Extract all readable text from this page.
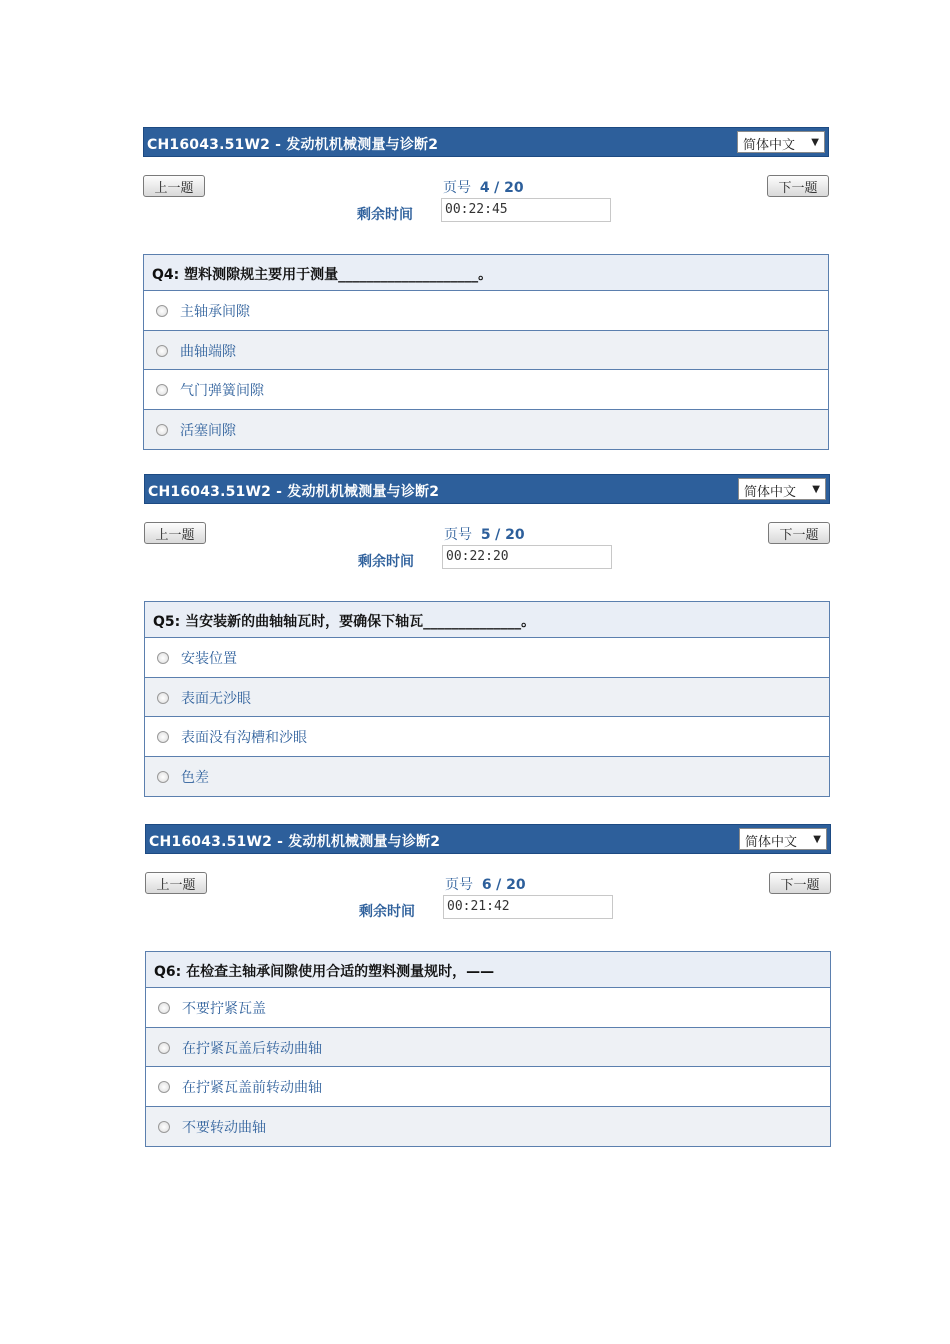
CH16043.51W2 - 发动机机械测量与诊断2	简体中文 ▼
上一题	页号 4 / 20	下一题
剩余时间	00:22:45
Q4: 塑料测隙规主要用于测量____________________。
主轴承间隙
曲轴端隙
气门弹簧间隙
活塞间隙
CH16043.51W2 - 发动机机械测量与诊断2	简体中文 ▼
上一题	页号 5 / 20	下一题
剩余时间	00:22:20
Q5: 当安装新的曲轴轴瓦时，要确保下轴瓦______________。
安装位置
表面无沙眼
表面没有沟槽和沙眼
色差
CH16043.51W2 - 发动机机械测量与诊断2	简体中文 ▼
上一题	页号 6 / 20	下一题
剩余时间	00:21:42
Q6: 在检查主轴承间隙使用合适的塑料测量规时，——
不要拧紧瓦盖
在拧紧瓦盖后转动曲轴
在拧紧瓦盖前转动曲轴
不要转动曲轴
